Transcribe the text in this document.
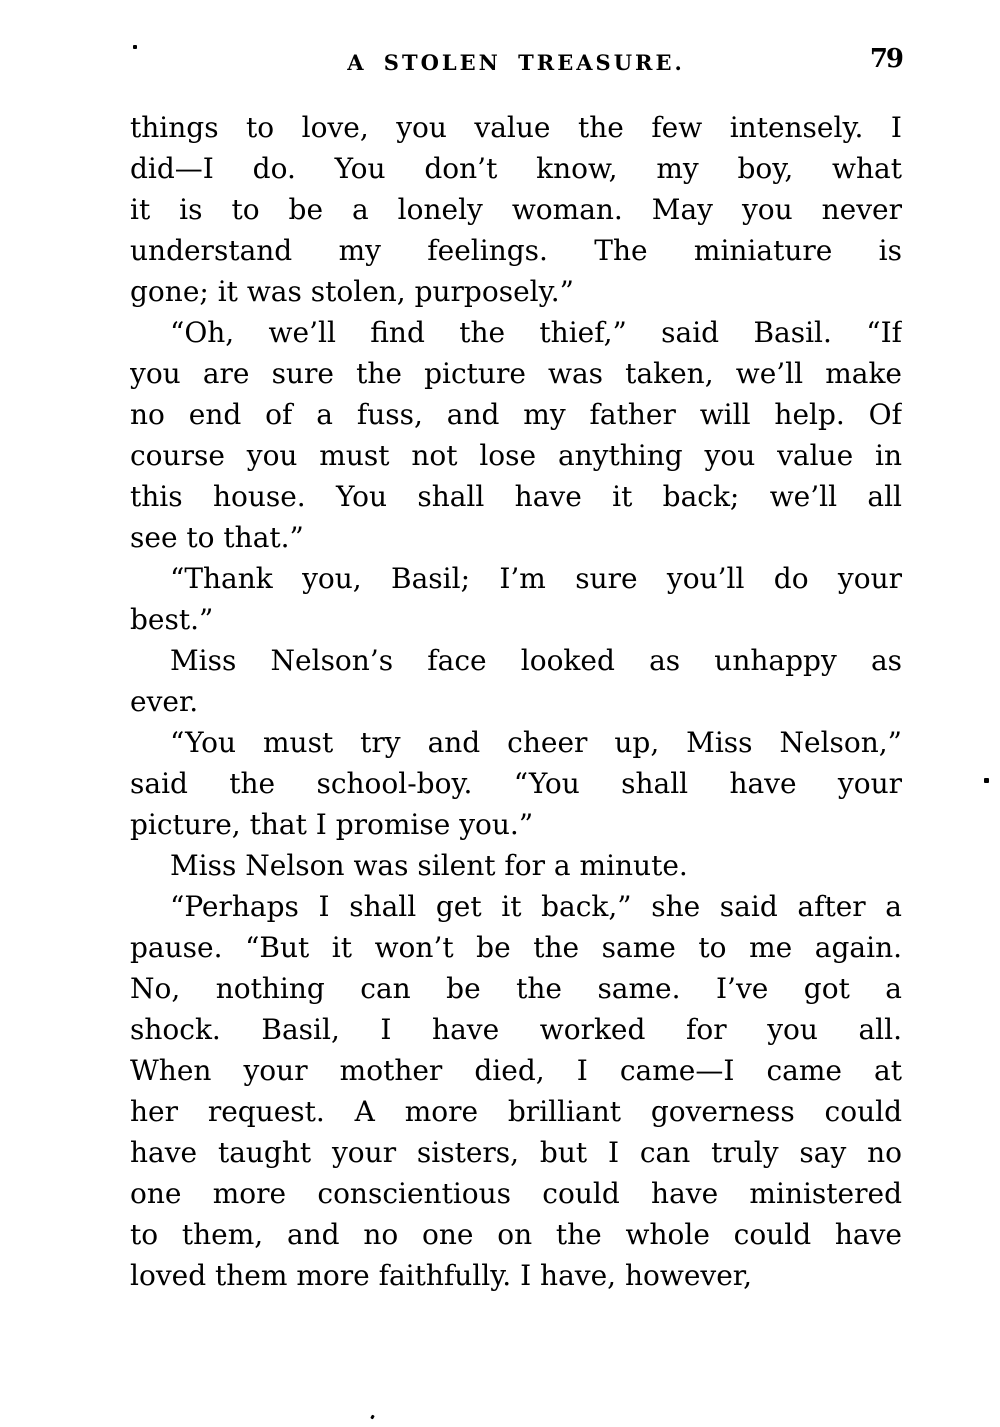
A STOLEN TREASURE.	79

things to love, you value the few intensely. I
did—I do. You don’t know, my boy, what
it is to be a lonely woman. May you never
understand my feelings. The miniature is
gone; it was stolen, purposely.”

“Oh, we’ll find the thief,” said Basil. “If
you are sure the picture was taken, we’ll make
no end of a fuss, and my father will help. Of
course you must not lose anything you value in
this house. You shall have it back; we’ll all
see to that.”

“Thank you, Basil; I’m sure you’ll do your
best.”

Miss Nelson’s face looked as unhappy as
ever.

“You must try and cheer up, Miss Nelson,”
said the school-boy. “You shall have your
picture, that I promise you.”

Miss Nelson was silent for a minute.

“Perhaps I shall get it back,” she said after a
pause. “But it won’t be the same to me again.
No, nothing can be the same. I’ve got a
shock. Basil, I have worked for you all.
When your mother died, I came—I came at
her request. A more brilliant governess could
have taught your sisters, but I can truly say no
one more conscientious could have ministered
to them, and no one on the whole could have
loved them more faithfully. I have, however,
